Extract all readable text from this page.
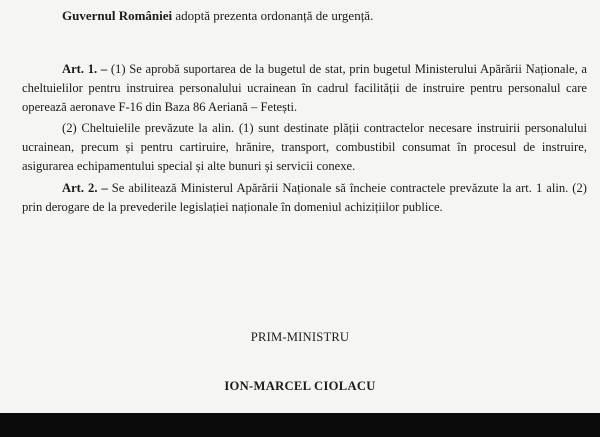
Guvernul României adoptă prezenta ordonanță de urgență.

Art. 1. – (1) Se aprobă suportarea de la bugetul de stat, prin bugetul Ministerului Apărării Naționale, a cheltuielilor pentru instruirea personalului ucrainean în cadrul facilității de instruire pentru personalul care operează aeronave F-16 din Baza 86 Aeriană – Fetești.

(2) Cheltuielile prevăzute la alin. (1) sunt destinate plății contractelor necesare instruirii personalului ucrainean, precum și pentru cartiruire, hrănire, transport, combustibil consumat în procesul de instruire, asigurarea echipamentului special și alte bunuri și servicii conexe.

Art. 2. – Se abilitează Ministerul Apărării Naționale să încheie contractele prevăzute la art. 1 alin. (2) prin derogare de la prevederile legislației naționale în domeniul achizițiilor publice.

PRIM-MINISTRU
ION-MARCEL CIOLACU
